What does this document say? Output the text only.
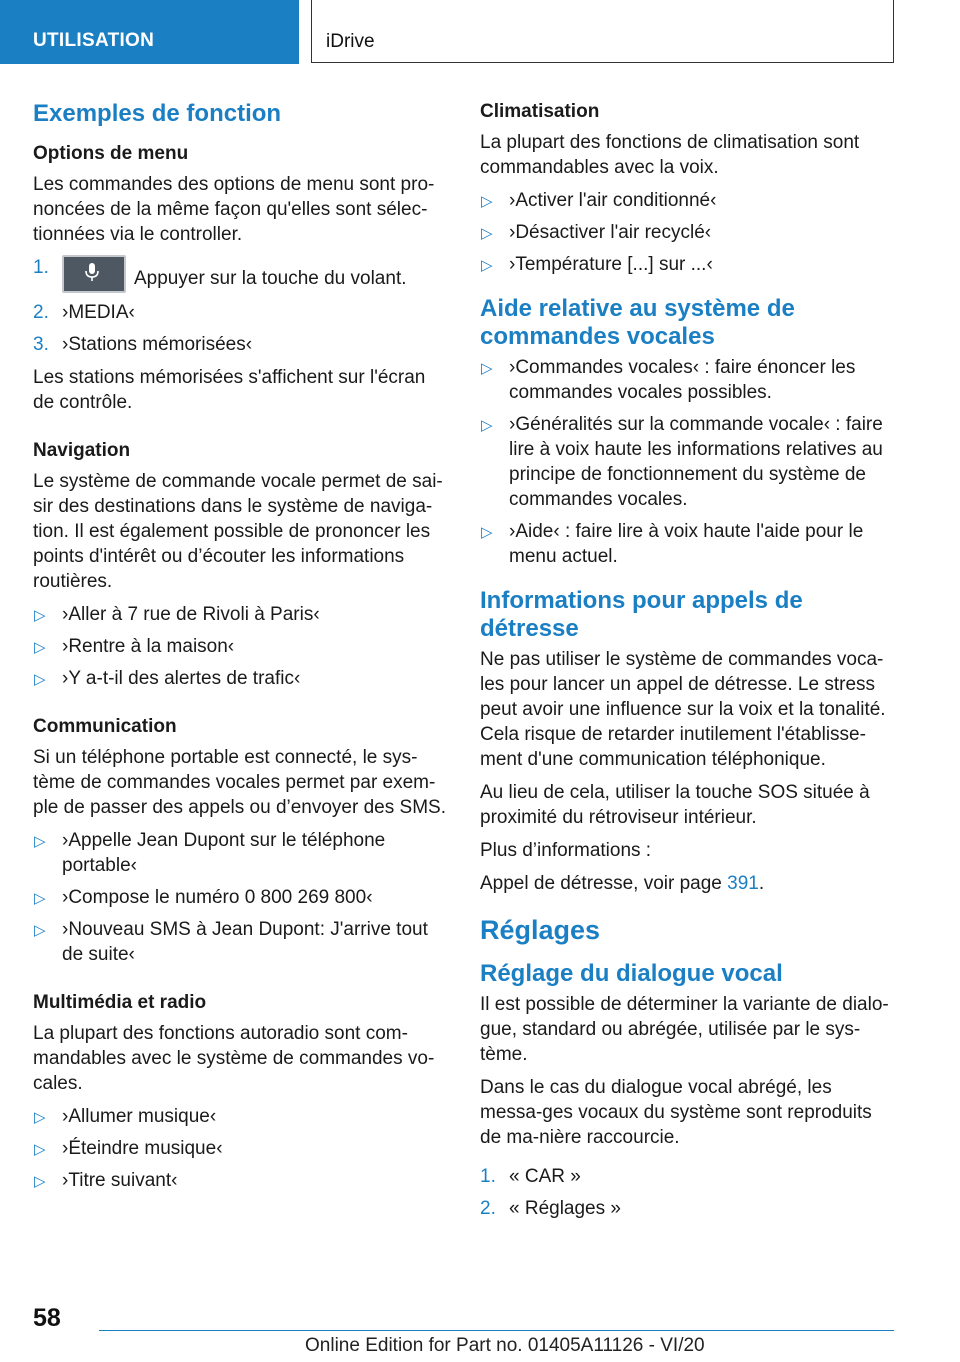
UTILISATION	iDrive
Exemples de fonction
Options de menu

Les commandes des options de menu sont pro-noncées de la même façon qu'elles sont sélec-tionnées via le controller.

1.
Appuyer sur la touche du volant.
2. ›MEDIA‹
3. ›Stations mémorisées‹

Les stations mémorisées s'affichent sur l'écran de contrôle.

Navigation

Le système de commande vocale permet de sai-sir des destinations dans le système de naviga-tion. Il est également possible de prononcer les points d'intérêt ou d’écouter les informations routières.

▷ ›Aller à 7 rue de Rivoli à Paris‹
▷ ›Rentre à la maison‹
▷ ›Y a-t-il des alertes de trafic‹
Communication

Si un téléphone portable est connecté, le sys-tème de commandes vocales permet par exem-ple de passer des appels ou d’envoyer des SMS.

▷ ›Appelle Jean Dupont sur le téléphone portable‹
▷ ›Compose le numéro 0 800 269 800‹
▷ ›Nouveau SMS à Jean Dupont: J'arrive tout de suite‹
Multimédia et radio

La plupart des fonctions autoradio sont com-mandables avec le système de commandes vo-cales.

▷ ›Allumer musique‹
▷ ›Éteindre musique‹
▷ ›Titre suivant‹
Climatisation

La plupart des fonctions de climatisation sont commandables avec la voix.

▷ ›Activer l'air conditionné‹
▷ ›Désactiver l'air recyclé‹
▷ ›Température [...] sur ...‹
Aide relative au système de commandes vocales
▷ ›Commandes vocales‹ : faire énoncer les commandes vocales possibles.
▷ ›Généralités sur la commande vocale‹ : faire lire à voix haute les informations relatives au principe de fonctionnement du système de commandes vocales.
▷ ›Aide‹ : faire lire à voix haute l'aide pour le menu actuel.
Informations pour appels de détresse

Ne pas utiliser le système de commandes voca-les pour lancer un appel de détresse. Le stress peut avoir une influence sur la voix et la tonalité. Cela risque de retarder inutilement l'établisse-ment d'une communication téléphonique.

Au lieu de cela, utiliser la touche SOS située à proximité du rétroviseur intérieur.

Plus d’informations :

Appel de détresse, voir page 391.

Réglages
Réglage du dialogue vocal

Il est possible de déterminer la variante de dialo-gue, standard ou abrégée, utilisée par le sys-tème.

Dans le cas du dialogue vocal abrégé, les messa-ges vocaux du système sont reproduits de ma-nière raccourcie.

1. « CAR »
2. « Réglages »
58
Online Edition for Part no. 01405A11126 - VI/20
